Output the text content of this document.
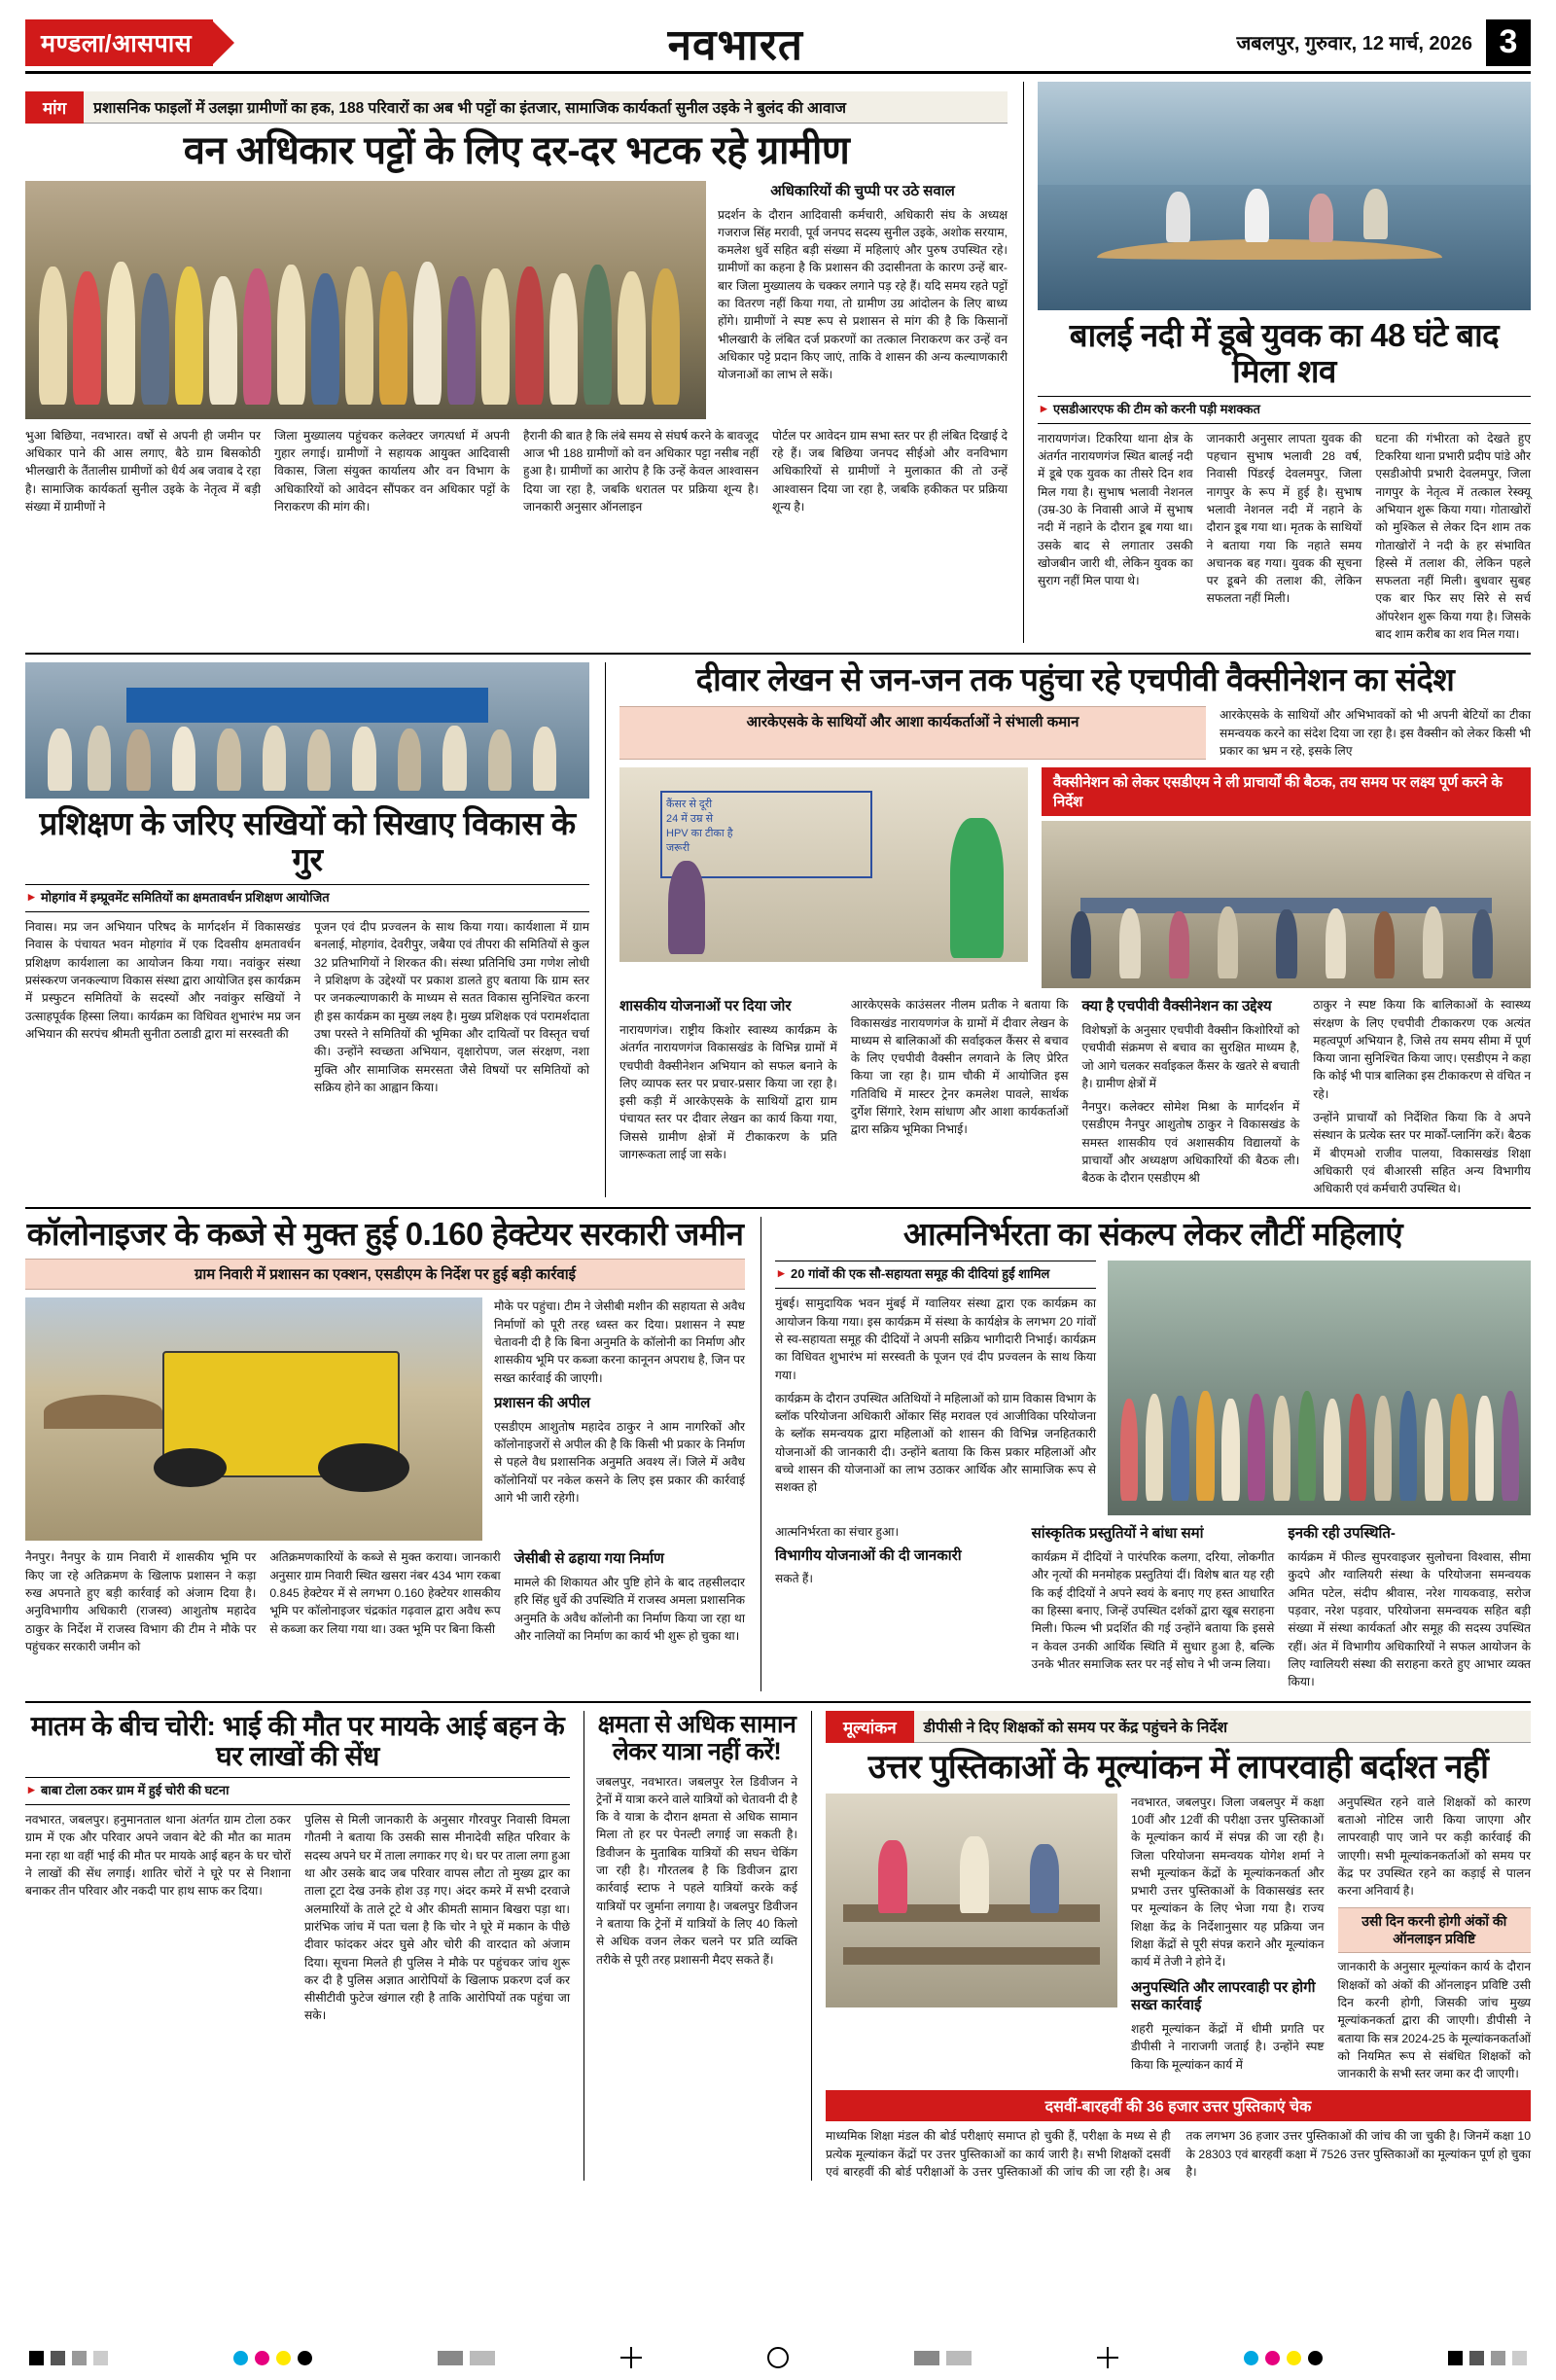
मण्डला/आसपास	नवभारत	जबलपुर, गुरुवार, 12 मार्च, 2026 3
मांग	प्रशासनिक फाइलों में उलझा ग्रामीणों का हक, 188 परिवारों का अब भी पट्टों का इंतजार, सामाजिक कार्यकर्ता सुनील उइके ने बुलंद की आवाज
वन अधिकार पट्टों के लिए दर-दर भटक रहे ग्रामीण
अधिकारियों की चुप्पी पर उठे सवाल
प्रदर्शन के दौरान आदिवासी कर्मचारी, अधिकारी संघ के अध्यक्ष गजराज सिंह मरावी, पूर्व जनपद सदस्य सुनील उइके, अशोक सरयाम, कमलेश धुर्वे सहित बड़ी संख्या में महिलाएं और पुरुष उपस्थित रहे। ग्रामीणों का कहना है कि प्रशासन की उदासीनता के कारण उन्हें बार-बार जिला मुख्यालय के चक्कर लगाने पड़ रहे हैं। यदि समय रहते पट्टों का वितरण नहीं किया गया, तो ग्रामीण उग्र आंदोलन के लिए बाध्य होंगे। ग्रामीणों ने स्पष्ट रूप से प्रशासन से मांग की है कि किसानों भीलखारी के लंबित दर्ज प्रकरणों का तत्काल निराकरण कर उन्हें वन अधिकार पट्टे प्रदान किए जाएं, ताकि वे शासन की अन्य कल्याणकारी योजनाओं का लाभ ले सकें।
भुआ बिछिया, नवभारत। वर्षों से अपनी ही जमीन पर अधिकार पाने की आस लगाए, बैठे ग्राम बिसकोठी भीलखारी के तैंतालीस ग्रामीणों को धैर्य अब जवाब दे रहा है। सामाजिक कार्यकर्ता सुनील उइके के नेतृत्व में बड़ी संख्या में ग्रामीणों ने
जिला मुख्यालय पहुंचकर कलेक्टर जगत्पर्धा में अपनी गुहार लगाई। ग्रामीणों ने सहायक आयुक्त आदिवासी विकास, जिला संयुक्त कार्यालय और वन विभाग के अधिकारियों को आवेदन सौंपकर वन अधिकार पट्टों के निराकरण की मांग की।
हैरानी की बात है कि लंबे समय से संघर्ष करने के बावजूद आज भी 188 ग्रामीणों को वन अधिकार पट्टा नसीब नहीं हुआ है। ग्रामीणों का आरोप है कि उन्हें केवल आश्वासन दिया जा रहा है, जबकि धरातल पर प्रक्रिया शून्य है। जानकारी अनुसार ऑनलाइन
पोर्टल पर आवेदन ग्राम सभा स्तर पर ही लंबित दिखाई दे रहे हैं। जब बिछिया जनपद सीईओ और वनविभाग अधिकारियों से ग्रामीणों ने मुलाकात की तो उन्हें आश्वासन दिया जा रहा है, जबकि हकीकत पर प्रक्रिया शून्य है।
बालई नदी में डूबे युवक का 48 घंटे बाद मिला शव
▸ एसडीआरएफ की टीम को करनी पड़ी मशक्कत
नारायणगंज। टिकरिया थाना क्षेत्र के अंतर्गत नारायणगंज स्थित बालई नदी में डूबे एक युवक का तीसरे दिन शव मिल गया है। सुभाष भलावी नेशनल (उम्र-30 के निवासी आजे में सुभाष नदी में नहाने के दौरान डूब गया था। उसके बाद से लगातार उसकी खोजबीन जारी थी, लेकिन युवक का सुराग नहीं मिल पाया थे।
जानकारी अनुसार लापता युवक की पहचान सुभाष भलावी 28 वर्ष, निवासी पिंडरई देवलमपुर, जिला नागपुर के रूप में हुई है। सुभाष भलावी नेशनल नदी में नहाने के दौरान डूब गया था। मृतक के साथियों ने बताया गया कि नहाते समय अचानक बह गया। युवक की सूचना पर डूबने की तलाश की, लेकिन सफलता नहीं मिली।
घटना की गंभीरता को देखते हुए टिकरिया थाना प्रभारी प्रदीप पांडे और एसडीओपी प्रभारी देवलमपुर, जिला नागपुर के नेतृत्व में तत्काल रेस्क्यू अभियान शुरू किया गया। गोताखोरों को मुश्किल से लेकर दिन शाम तक गोताखोरों ने नदी के हर संभावित हिस्से में तलाश की, लेकिन पहले सफलता नहीं मिली। बुधवार सुबह एक बार फिर सए सिरे से सर्च ऑपरेशन शुरू किया गया है। जिसके बाद शाम करीब का शव मिल गया।
प्रशिक्षण के जरिए सखियों को सिखाए विकास के गुर
▸ मोहगांव में इम्प्रूवमेंट समितियों का क्षमतावर्धन प्रशिक्षण आयोजित
निवास। मप्र जन अभियान परिषद के मार्गदर्शन में विकासखंड निवास के पंचायत भवन मोहगांव में एक दिवसीय क्षमतावर्धन प्रशिक्षण कार्यशाला का आयोजन किया गया। नवांकुर संस्था प्रसंस्करण जनकल्याण विकास संस्था द्वारा आयोजित इस कार्यक्रम में प्रस्फुटन समितियों के सदस्यों और नवांकुर सखियों ने उत्साहपूर्वक हिस्सा लिया। कार्यक्रम का विधिवत शुभारंभ मप्र जन अभियान की सरपंच श्रीमती सुनीता ठलाडी द्वारा मां सरस्वती की
पूजन एवं दीप प्रज्वलन के साथ किया गया। कार्यशाला में ग्राम बनलाई, मोहगांव, देवरीपुर, जबैया एवं तीपरा की समितियों से कुल 32 प्रतिभागियों ने शिरकत की। संस्था प्रतिनिधि उमा गणेश लोधी ने प्रशिक्षण के उद्देश्यों पर प्रकाश डालते हुए बताया कि ग्राम स्तर पर जनकल्याणकारी के माध्यम से सतत विकास सुनिश्चित करना ही इस कार्यक्रम का मुख्य लक्ष्य है। मुख्य प्रशिक्षक एवं परामर्शदाता उषा परस्ते ने समितियों की भूमिका और दायित्वों पर विस्तृत चर्चा की। उन्होंने स्वच्छता अभियान, वृक्षारोपण, जल संरक्षण, नशा मुक्ति और सामाजिक समरसता जैसे विषयों पर समितियों को सक्रिय होने का आह्वान किया।
दीवार लेखन से जन-जन तक पहुंचा रहे एचपीवी वैक्सीनेशन का संदेश
आरकेएसके के साथियों और आशा कार्यकर्ताओं ने संभाली कमान	आरकेएसके के साथियों और अभिभावकों को भी अपनी बेटियों का टीका समन्वयक करने का संदेश दिया जा रहा है। इस वैक्सीन को लेकर किसी भी प्रकार का भ्रम न रहे, इसके लिए
कैंसर से दूरी
24 में उम्र से
HPV का टीका है
जरूरी
वैक्सीनेशन को लेकर एसडीएम ने ली प्राचार्यों की बैठक, तय समय पर लक्ष्य पूर्ण करने के निर्देश
शासकीय योजनाओं पर दिया जोर
नारायणगंज। राष्ट्रीय किशोर स्वास्थ्य कार्यक्रम के अंतर्गत नारायणगंज विकासखंड के विभिन्न ग्रामों में एचपीवी वैक्सीनेशन अभियान को सफल बनाने के लिए व्यापक स्तर पर प्रचार-प्रसार किया जा रहा है। इसी कड़ी में आरकेएसके के साथियों द्वारा ग्राम पंचायत स्तर पर दीवार लेखन का कार्य किया गया, जिससे ग्रामीण क्षेत्रों में टीकाकरण के प्रति जागरूकता लाई जा सके।
आरकेएसके काउंसलर नीलम प्रतीक ने बताया कि विकासखंड नारायणगंज के ग्रामों में दीवार लेखन के माध्यम से बालिकाओं की सर्वाइकल कैंसर से बचाव के लिए एचपीवी वैक्सीन लगवाने के लिए प्रेरित किया जा रहा है। ग्राम चौकी में आयोजित इस गतिविधि में मास्टर ट्रेनर कमलेश पावले, सार्थक दुर्गेश सिंगारे, रेशम सांधाण और आशा कार्यकर्ताओं द्वारा सक्रिय भूमिका निभाई।
क्या है एचपीवी वैक्सीनेशन का उद्देश्य
विशेषज्ञों के अनुसार एचपीवी वैक्सीन किशोरियों को एचपीवी संक्रमण से बचाव का सुरक्षित माध्यम है, जो आगे चलकर सर्वाइकल कैंसर के खतरे से बचाती है। ग्रामीण क्षेत्रों में
नैनपुर। कलेक्टर सोमेश मिश्रा के मार्गदर्शन में एसडीएम नैनपुर आशुतोष ठाकुर ने विकासखंड के समस्त शासकीय एवं अशासकीय विद्यालयों के प्राचार्यों और अध्यक्षण अधिकारियों की बैठक ली। बैठक के दौरान एसडीएम श्री
ठाकुर ने स्पष्ट किया कि बालिकाओं के स्वास्थ्य संरक्षण के लिए एचपीवी टीकाकरण एक अत्यंत महत्वपूर्ण अभियान है, जिसे तय समय सीमा में पूर्ण किया जाना सुनिश्चित किया जाए। एसडीएम ने कहा कि कोई भी पात्र बालिका इस टीकाकरण से वंचित न रहे।
उन्होंने प्राचार्यों को निर्देशित किया कि वे अपने संस्थान के प्रत्येक स्तर पर मार्कों-प्लानिंग करें। बैठक में बीएमओ राजीव पालया, विकासखंड शिक्षा अधिकारी एवं बीआरसी सहित अन्य विभागीय अधिकारी एवं कर्मचारी उपस्थित थे।
कॉलोनाइजर के कब्जे से मुक्त हुई 0.160 हेक्टेयर सरकारी जमीन
ग्राम निवारी में प्रशासन का एक्शन, एसडीएम के निर्देश पर हुई बड़ी कार्रवाई
मौके पर पहुंचा। टीम ने जेसीबी मशीन की सहायता से अवैध निर्माणों को पूरी तरह ध्वस्त कर दिया। प्रशासन ने स्पष्ट चेतावनी दी है कि बिना अनुमति के कॉलोनी का निर्माण और शासकीय भूमि पर कब्जा करना कानूनन अपराध है, जिन पर सख्त कार्रवाई की जाएगी।
प्रशासन की अपील
एसडीएम आशुतोष महादेव ठाकुर ने आम नागरिकों और कॉलोनाइजरों से अपील की है कि किसी भी प्रकार के निर्माण से पहले वैध प्रशासनिक अनुमति अवश्य लें। जिले में अवैध कॉलोनियों पर नकेल कसने के लिए इस प्रकार की कार्रवाई आगे भी जारी रहेगी।
नैनपुर। नैनपुर के ग्राम निवारी में शासकीय भूमि पर किए जा रहे अतिक्रमण के खिलाफ प्रशासन ने कड़ा रुख अपनाते हुए बड़ी कार्रवाई को अंजाम दिया है। अनुविभागीय अधिकारी (राजस्व) आशुतोष महादेव ठाकुर के निर्देश में राजस्व विभाग की टीम ने मौके पर पहुंचकर सरकारी जमीन को
अतिक्रमणकारियों के कब्जे से मुक्त कराया। जानकारी अनुसार ग्राम निवारी स्थित खसरा नंबर 434 भाग रकबा 0.845 हेक्टेयर में से लगभग 0.160 हेक्टेयर शासकीय भूमि पर कॉलोनाइजर चंद्रकांत गढ़वाल द्वारा अवैध रूप से कब्जा कर लिया गया था। उक्त भूमि पर बिना किसी
जेसीबी से ढहाया गया निर्माण
मामले की शिकायत और पुष्टि होने के बाद तहसीलदार हरि सिंह धुर्वे की उपस्थिति में राजस्व अमला प्रशासनिक अनुमति के अवैध कॉलोनी का निर्माण किया जा रहा था और नालियों का निर्माण का कार्य भी शुरू हो चुका था।
आत्मनिर्भरता का संकल्प लेकर लौटीं महिलाएं
▸ 20 गांवों की एक सौ-सहायता समूह की दीदियां हुईं शामिल
मुंबई। सामुदायिक भवन मुंबई में ग्वालियर संस्था द्वारा एक कार्यक्रम का आयोजन किया गया। इस कार्यक्रम में संस्था के कार्यक्षेत्र के लगभग 20 गांवों से स्व-सहायता समूह की दीदियों ने अपनी सक्रिय भागीदारी निभाई। कार्यक्रम का विधिवत शुभारंभ मां सरस्वती के पूजन एवं दीप प्रज्वलन के साथ किया गया।
कार्यक्रम के दौरान उपस्थित अतिथियों ने महिलाओं को ग्राम विकास विभाग के ब्लॉक परियोजना अधिकारी ओंकार सिंह मरावल एवं आजीविका परियोजना के ब्लॉक समन्वयक द्वारा महिलाओं को शासन की विभिन्न जनहितकारी योजनाओं की जानकारी दी। उन्होंने बताया कि किस प्रकार महिलाओं और बच्चे शासन की योजनाओं का लाभ उठाकर आर्थिक और सामाजिक रूप से सशक्त हो
आत्मनिर्भरता का संचार हुआ।
विभागीय योजनाओं की दी जानकारी
सकते हैं।
सांस्कृतिक प्रस्तुतियों ने बांधा समां
कार्यक्रम में दीदियों ने पारंपरिक कलगा, दरिया, लोकगीत और नृत्यों की मनमोहक प्रस्तुतियां दीं। विशेष बात यह रही कि कई दीदियों ने अपने स्वयं के बनाए गए हस्त आधारित का हिस्सा बनाए, जिन्हें उपस्थित दर्शकों द्वारा खूब सराहना मिली। फिल्म भी प्रदर्शित की गई उन्होंने बताया कि इससे न केवल उनकी आर्थिक स्थिति में सुधार हुआ है, बल्कि उनके भीतर समाजिक स्तर पर नई सोच ने भी जन्म लिया।
इनकी रही उपस्थिति-
कार्यक्रम में फील्ड सुपरवाइजर सुलोचना विश्वास, सीमा कुदपे और ग्वालियरी संस्था के परियोजना समन्वयक अमित पटेल, संदीप श्रीवास, नरेश गायकवाड़, सरोज पड़वार, नरेश पड़वार, परियोजना समन्वयक सहित बड़ी संख्या में संस्था कार्यकर्ता और समूह की सदस्य उपस्थित रहीं। अंत में विभागीय अधिकारियों ने सफल आयोजन के लिए ग्वालियरी संस्था की सराहना करते हुए आभार व्यक्त किया।
मातम के बीच चोरी: भाई की मौत पर मायके आई बहन के घर लाखों की सेंध
▸ बाबा टोला ठकर ग्राम में हुई चोरी की घटना
नवभारत, जबलपुर। हनुमानताल थाना अंतर्गत ग्राम टोला ठकर ग्राम में एक और परिवार अपने जवान बेटे की मौत का मातम मना रहा था वहीं भाई की मौत पर मायके आई बहन के घर चोरों ने लाखों की सेंध लगाई। शातिर चोरों ने घूरे पर से निशाना बनाकर तीन परिवार और नकदी पार हाथ साफ कर दिया।
पुलिस से मिली जानकारी के अनुसार गौरवपुर निवासी विमला गौतमी ने बताया कि उसकी सास मीनादेवी सहित परिवार के सदस्य अपने घर में ताला लगाकर गए थे। घर पर ताला लगा हुआ था और उसके बाद जब परिवार वापस लौटा तो मुख्य द्वार का ताला टूटा देख उनके होश उड़ गए। अंदर कमरे में सभी दरवाजे अलमारियों के ताले टूटे थे और कीमती सामान बिखरा पड़ा था। प्रारंभिक जांच में पता चला है कि चोर ने घूरे में मकान के पीछे दीवार फांदकर अंदर घुसे और चोरी की वारदात को अंजाम दिया। सूचना मिलते ही पुलिस ने मौके पर पहुंचकर जांच शुरू कर दी है पुलिस अज्ञात आरोपियों के खिलाफ प्रकरण दर्ज कर सीसीटीवी फुटेज खंगाल रही है ताकि आरोपियों तक पहुंचा जा सके।
क्षमता से अधिक सामान लेकर यात्रा नहीं करें!
जबलपुर, नवभारत। जबलपुर रेल डिवीजन ने ट्रेनों में यात्रा करने वाले यात्रियों को चेतावनी दी है कि वे यात्रा के दौरान क्षमता से अधिक सामान मिला तो हर पर पेनल्टी लगाई जा सकती है। डिवीजन के मुताबिक यात्रियों की सघन चेकिंग जा रही है। गौरतलब है कि डिवीजन द्वारा कार्रवाई स्टाफ ने पहले यात्रियों करके कई यात्रियों पर जुर्माना लगाया है। जबलपुर डिवीजन ने बताया कि ट्रेनों में यात्रियों के लिए 40 किलो से अधिक वजन लेकर चलने पर प्रति व्यक्ति तरीके से पूरी तरह प्रशासनी मैदए सकते हैं।
मूल्यांकन	डीपीसी ने दिए शिक्षकों को समय पर केंद्र पहुंचने के निर्देश
उत्तर पुस्तिकाओं के मूल्यांकन में लापरवाही बर्दाश्त नहीं
नवभारत, जबलपुर। जिला जबलपुर में कक्षा 10वीं और 12वीं की परीक्षा उत्तर पुस्तिकाओं के मूल्यांकन कार्य में संपन्न की जा रही है। जिला परियोजना समन्वयक योगेश शर्मा ने सभी मूल्यांकन केंद्रों के मूल्यांकनकर्ता और प्रभारी उत्तर पुस्तिकाओं के विकासखंड स्तर पर मूल्यांकन के लिए भेजा गया है। राज्य शिक्षा केंद्र के निर्देशानुसार यह प्रक्रिया जन शिक्षा केंद्रों से पूरी संपन्न कराने और मूल्यांकन कार्य में तेजी ने होने दें।
अनुपस्थिति और लापरवाही पर होगी सख्त कार्रवाई
शहरी मूल्यांकन केंद्रों में धीमी प्रगति पर डीपीसी ने नाराजगी जताई है। उन्होंने स्पष्ट किया कि मूल्यांकन कार्य में
अनुपस्थित रहने वाले शिक्षकों को कारण बताओ नोटिस जारी किया जाएगा और लापरवाही पाए जाने पर कड़ी कार्रवाई की जाएगी। सभी मूल्यांकनकर्ताओं को समय पर केंद्र पर उपस्थित रहने का कड़ाई से पालन करना अनिवार्य है।
उसी दिन करनी होगी अंकों की ऑनलाइन प्रविष्टि
जानकारी के अनुसार मूल्यांकन कार्य के दौरान शिक्षकों को अंकों की ऑनलाइन प्रविष्टि उसी दिन करनी होगी, जिसकी जांच मुख्य मूल्यांकनकर्ता द्वारा की जाएगी। डीपीसी ने बताया कि सत्र 2024-25 के मूल्यांकनकर्ताओं को नियमित रूप से संबंधित शिक्षकों को जानकारी के सभी स्तर जमा कर दी जाएगी।
दसवीं-बारहवीं की 36 हजार उत्तर पुस्तिकाएं चेक
माध्यमिक शिक्षा मंडल की बोर्ड परीक्षाएं समाप्त हो चुकी हैं, परीक्षा के मध्य से ही प्रत्येक मूल्यांकन केंद्रों पर उत्तर पुस्तिकाओं का कार्य जारी है। सभी शिक्षकों दसवीं एवं बारहवीं की बोर्ड परीक्षाओं के उत्तर पुस्तिकाओं की जांच की जा रही है। अब तक लगभग 36 हजार उत्तर पुस्तिकाओं की जांच की जा चुकी है। जिनमें कक्षा 10 के 28303 एवं बारहवीं कक्षा में 7526 उत्तर पुस्तिकाओं का मूल्यांकन पूर्ण हो चुका है।
